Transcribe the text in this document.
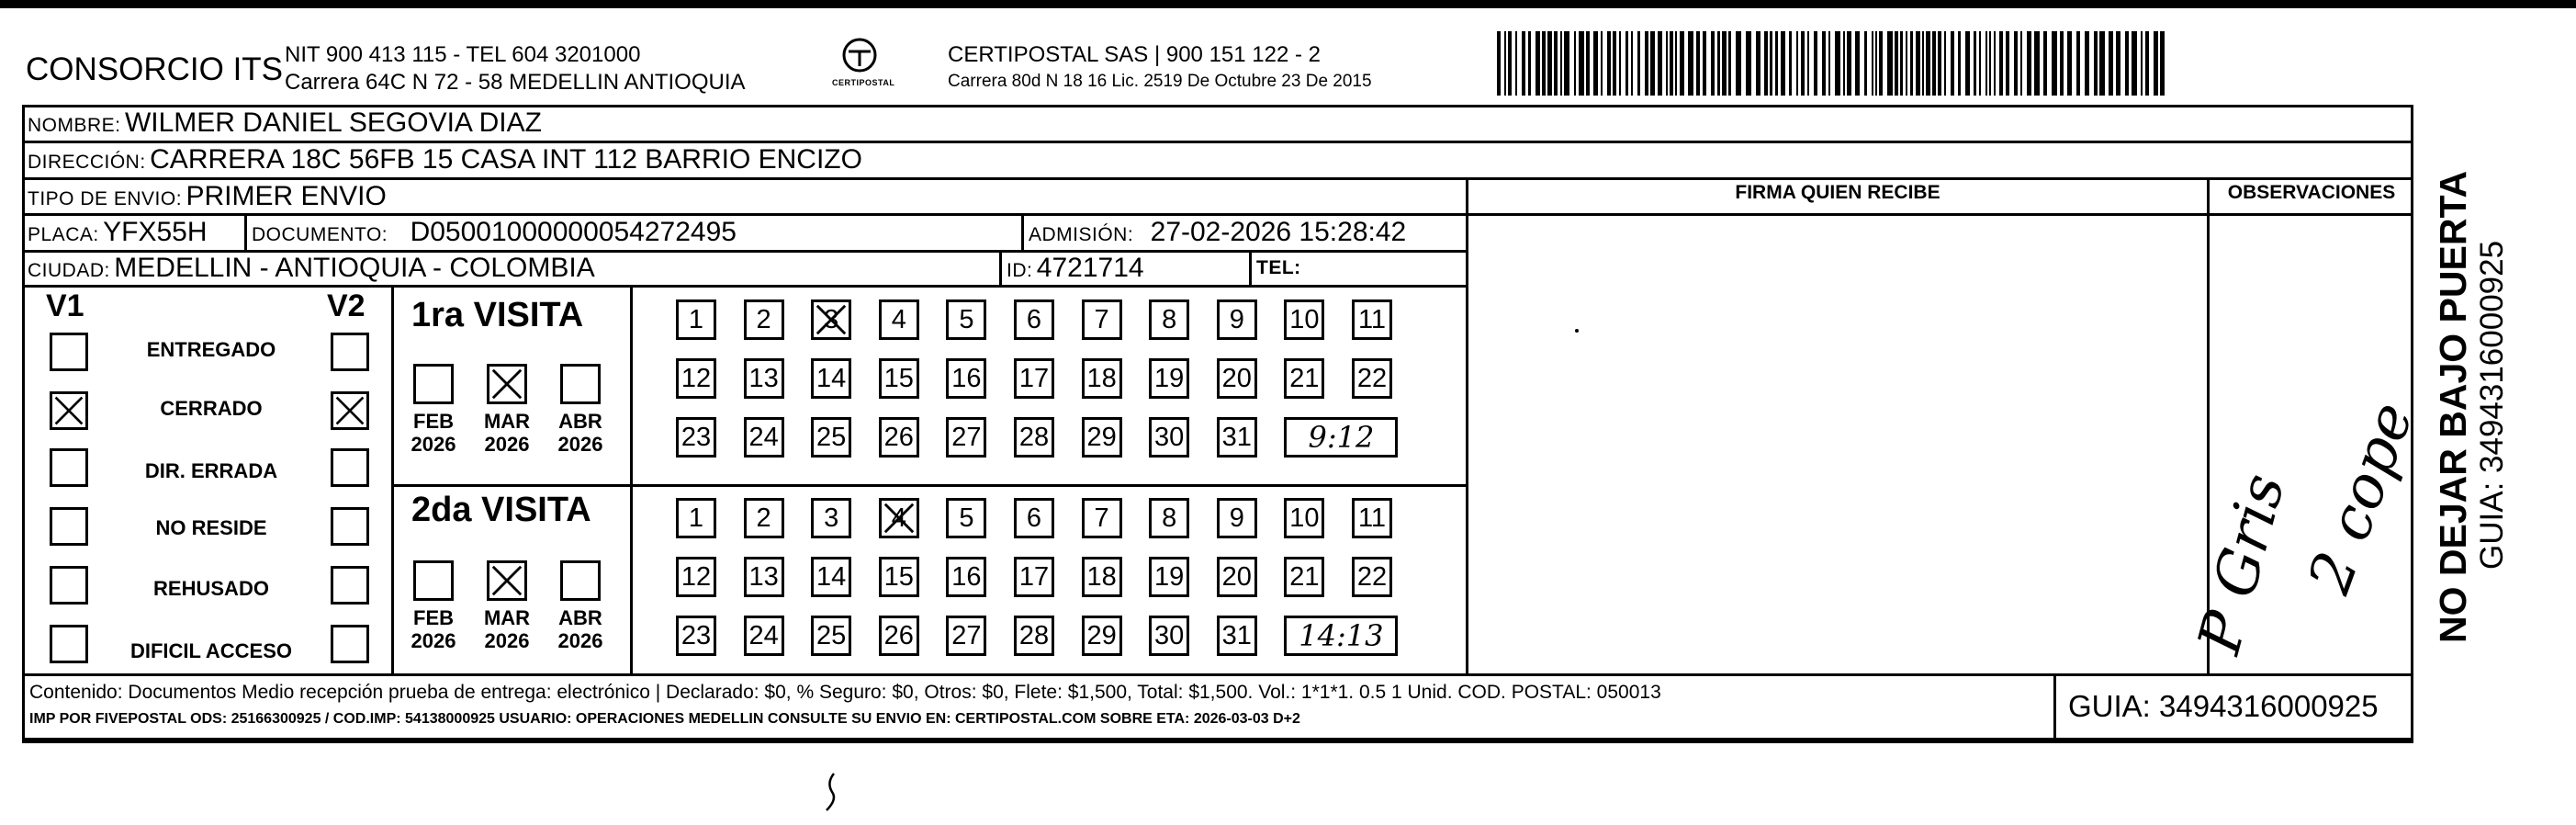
CONSORCIO ITS NIT 900 413 115 - TEL 604 3201000
Carrera 64C N 72 - 58 MEDELLIN ANTIOQUIA	CERTIPOSTAL
CERTIPOSTAL SAS | 900 151 122 - 2
Carrera 80d N 18 16 Lic. 2519 De Octubre 23 De 2015
NOMBRE: WILMER DANIEL SEGOVIA DIAZ
DIRECCIÓN: CARRERA 18C 56FB 15 CASA INT 112 BARRIO ENCIZO
TIPO DE ENVIO: PRIMER ENVIO	FIRMA QUIEN RECIBE	OBSERVACIONES
PLACA: YFX55H DOCUMENTO: D05001000000054272495	ADMISIÓN: 27-02-2026 15:28:42
CIUDAD: MEDELLIN - ANTIOQUIA - COLOMBIA	ID: 4721714	TEL:
V1	V2
ENTREGADO
CERRADO
DIR. ERRADA
NO RESIDE
REHUSADO
DIFICIL ACCESO
1ra VISITA
FEB
2026
MAR
2026
ABR
2026
1	2	3	4	5	6	7	8	9	10 11
12 13 14 15 16 17 18 19 20 21 22
23 24 25 26 27 28 29 30 31	9:12
2da VISITA
FEB
2026
MAR
2026
ABR
2026
1	2	3	4	5	6	7	8	9	10 11
12 13 14 15 16 17 18 19 20 21 22
23 24 25 26 27 28 29 30 31	14:13
Contenido: Documentos Medio recepción prueba de entrega: electrónico | Declarado: $0, % Seguro: $0, Otros: $0, Flete: $1,500, Total: $1,500. Vol.: 1*1*1. 0.5 1 Unid. COD. POSTAL: 050013
IMP POR FIVEPOSTAL ODS: 25166300925 / COD.IMP: 54138000925 USUARIO: OPERACIONES MEDELLIN CONSULTE SU ENVIO EN: CERTIPOSTAL.COM SOBRE ETA: 2026-03-03 D+2	GUIA: 3494316000925
NO DEJAR BAJO PUERTA GUIA: 3494316000925
P Gris
2 cope
